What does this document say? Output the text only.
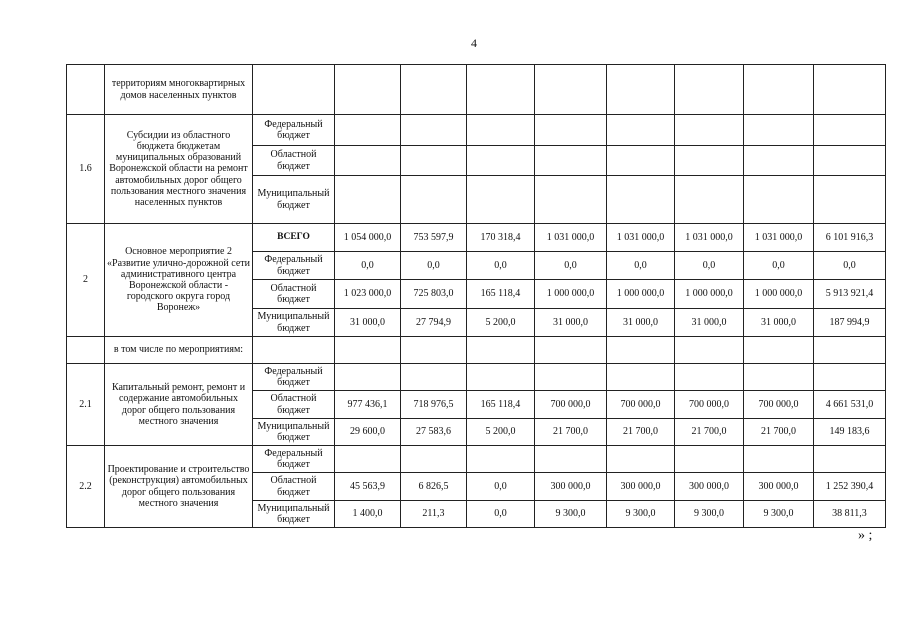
4
	территориям многоквартирных домов населенных пунктов									
1.6	Субсидии из областного бюджета бюджетам муниципальных образований Воронежской области на ремонт автомобильных дорог общего пользования местного значения населенных пунктов	Федеральный бюджет								
		Областной бюджет								
		Муниципальный бюджет								
2	Основное мероприятие 2 «Развитие улично-дорожной сети административного центра Воронежской области - городского округа город Воронеж»	ВСЕГО	1 054 000,0	753 597,9	170 318,4	1 031 000,0	1 031 000,0	1 031 000,0	1 031 000,0	6 101 916,3
		Федеральный бюджет	0,0	0,0	0,0	0,0	0,0	0,0	0,0	0,0
		Областной бюджет	1 023 000,0	725 803,0	165 118,4	1 000 000,0	1 000 000,0	1 000 000,0	1 000 000,0	5 913 921,4
		Муниципальный бюджет	31 000,0	27 794,9	5 200,0	31 000,0	31 000,0	31 000,0	31 000,0	187 994,9
	в том числе по мероприятиям:									
2.1	Капитальный ремонт, ремонт и содержание автомобильных дорог общего пользования местного значения	Федеральный бюджет								
		Областной бюджет	977 436,1	718 976,5	165 118,4	700 000,0	700 000,0	700 000,0	700 000,0	4 661 531,0
		Муниципальный бюджет	29 600,0	27 583,6	5 200,0	21 700,0	21 700,0	21 700,0	21 700,0	149 183,6
2.2	Проектирование и строительство (реконструкция) автомобильных дорог общего пользования местного значения	Федеральный бюджет								
		Областной бюджет	45 563,9	6 826,5	0,0	300 000,0	300 000,0	300 000,0	300 000,0	1 252 390,4
		Муниципальный бюджет	1 400,0	211,3	0,0	9 300,0	9 300,0	9 300,0	9 300,0	38 811,3
» ;
